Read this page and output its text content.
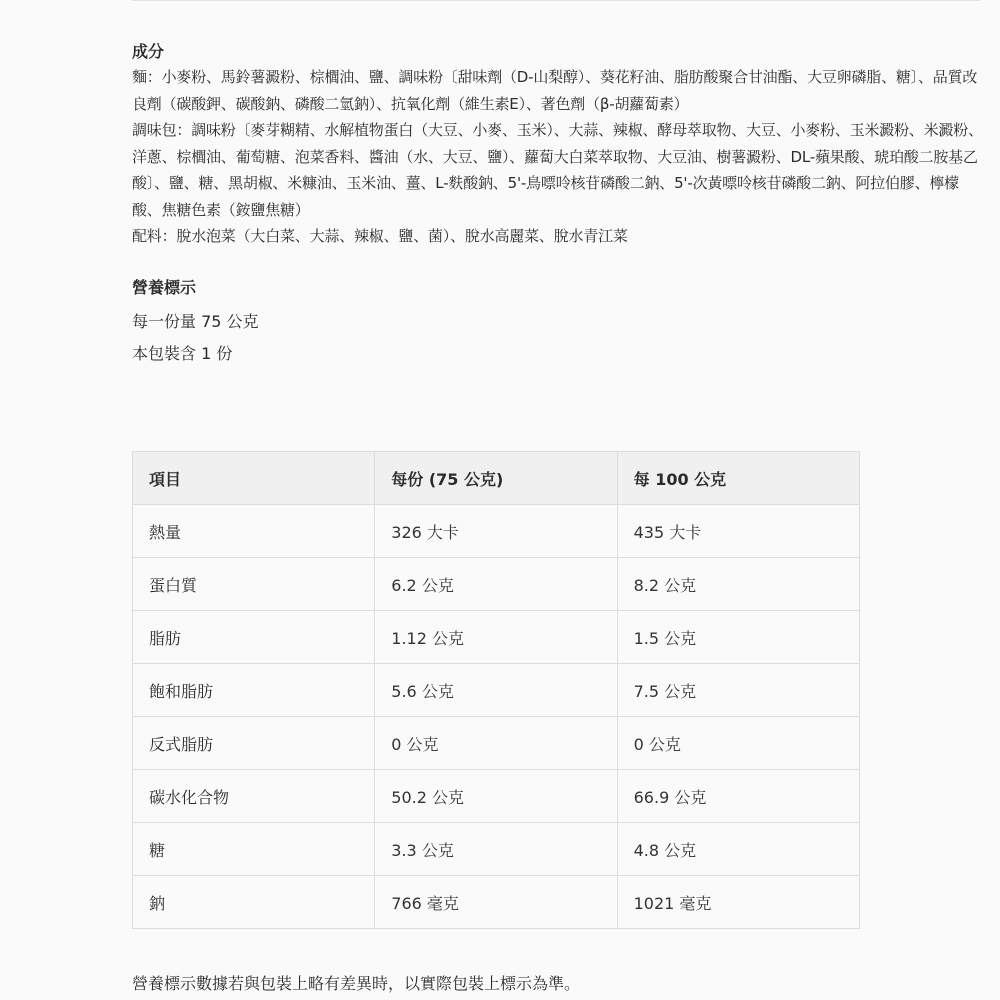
成分

麵：小麥粉、馬鈴薯澱粉、棕櫚油、鹽、調味粉〔甜味劑（D-山梨醇）、葵花籽油、脂肪酸聚合甘油酯、大豆卵磷脂、糖〕、品質改良劑（碳酸鉀、碳酸鈉、磷酸二氫鈉）、抗氧化劑（維生素E）、著色劑（β-胡蘿蔔素）

調味包：調味粉〔麥芽糊精、水解植物蛋白（大豆、小麥、玉米）、大蒜、辣椒、酵母萃取物、大豆、小麥粉、玉米澱粉、米澱粉、洋蔥、棕櫚油、葡萄糖、泡菜香料、醬油（水、大豆、鹽）、蘿蔔大白菜萃取物、大豆油、樹薯澱粉、DL-蘋果酸、琥珀酸二胺基乙酸〕、鹽、糖、黑胡椒、米糠油、玉米油、薑、L-麩酸鈉、5'-鳥嘌呤核苷磷酸二鈉、5'-次黃嘌呤核苷磷酸二鈉、阿拉伯膠、檸檬酸、焦糖色素（銨鹽焦糖）

配料：脫水泡菜（大白菜、大蒜、辣椒、鹽、菌）、脫水高麗菜、脫水青江菜

營養標示

每一份量 75 公克

本包裝含 1 份

項目	每份 (75 公克)	每 100 公克
熱量	326 大卡	435 大卡
蛋白質	6.2 公克	8.2 公克
脂肪	1.12 公克	1.5 公克
飽和脂肪	5.6 公克	7.5 公克
反式脂肪	0 公克	0 公克
碳水化合物	50.2 公克	66.9 公克
糖	3.3 公克	4.8 公克
鈉	766 毫克	1021 毫克

營養標示數據若與包裝上略有差異時，以實際包裝上標示為準。
